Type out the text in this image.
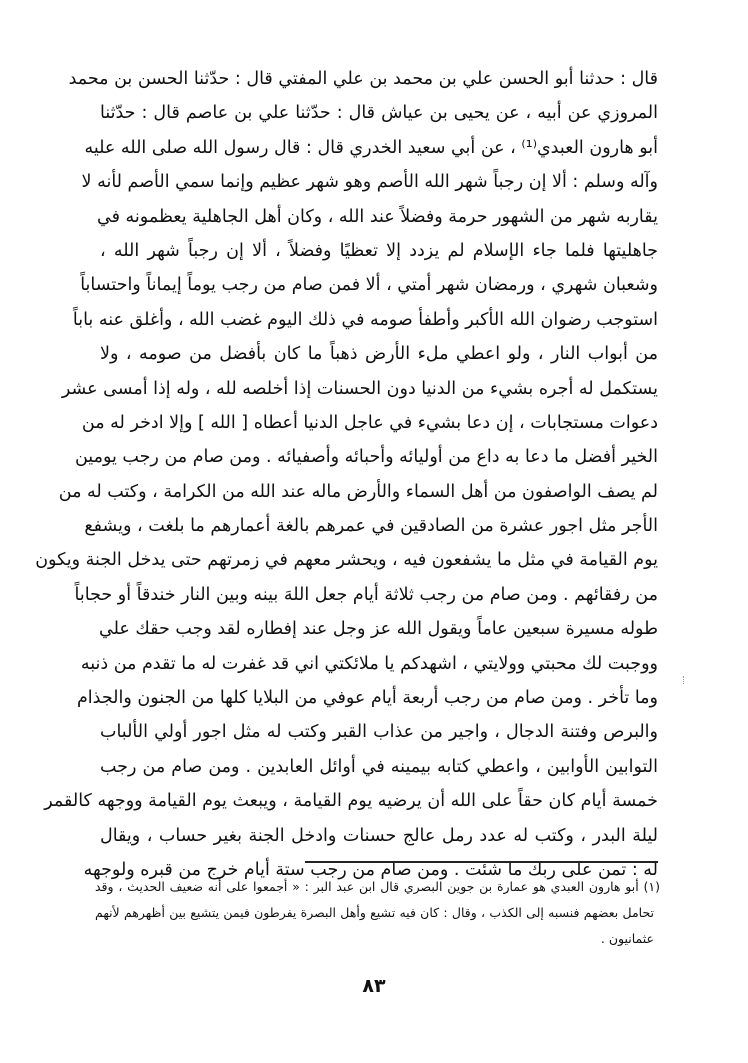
قال : حدثنا أبو الحسن علي بن محمد بن علي المفتي قال : حدّثنا الحسن بن محمد
المروزي عن أبيه ، عن يحيى بن عياش قال : حدّثنا علي بن عاصم قال : حدّثنا
أبو هارون العبدي⁽¹⁾ ، عن أبي سعيد الخدري قال : قال رسول الله صلى الله عليه
وآله وسلم : ألا إن رجباً شهر الله الأصم وهو شهر عظيم وإنما سمي الأصم لأنه لا
يقاربه شهر من الشهور حرمة وفضلاً عند الله ، وكان أهل الجاهلية يعظمونه في
جاهليتها فلما جاء الإسلام لم يزدد إلا تعظيًا وفضلاً ، ألا إن رجباً شهر الله ،
وشعبان شهري ، ورمضان شهر أمتي ، ألا فمن صام من رجب يوماً إيماناً واحتساباً
استوجب رضوان الله الأكبر وأطفأ صومه في ذلك اليوم غضب الله ، وأغلق عنه باباً
من أبواب النار ، ولو اعطي ملء الأرض ذهباً ما كان بأفضل من صومه ، ولا
يستكمل له أجره بشيء من الدنيا دون الحسنات إذا أخلصه لله ، وله إذا أمسى عشر
دعوات مستجابات ، إن دعا بشيء في عاجل الدنيا أعطاه [ الله ] وإلا ادخر له من
الخير أفضل ما دعا به داع من أوليائه وأحبائه وأصفيائه . ومن صام من رجب يومين
لم يصف الواصفون من أهل السماء والأرض ماله عند الله من الكرامة ، وكتب له من
الأجر مثل اجور عشرة من الصادقين في عمرهم بالغة أعمارهم ما بلغت ، ويشفع
يوم القيامة في مثل ما يشفعون فيه ، ويحشر معهم في زمرتهم حتى يدخل الجنة ويكون
من رفقائهم . ومن صام من رجب ثلاثة أيام جعل اللهَ بينه وبين النار خندقاً أو حجاباً
طوله مسيرة سبعين عاماً ويقول الله عز وجل عند إفطاره لقد وجب حقك علي
ووجبت لك محبتي وولايتي ، اشهدكم يا ملائكتي اني قد غفرت له ما تقدم من ذنبه
وما تأخر . ومن صام من رجب أربعة أيام عوفي من البلايا كلها من الجنون والجذام
والبرص وفتنة الدجال ، واجير من عذاب القبر وكتب له مثل اجور أولي الألباب
التوابين الأوابين ، واعطي كتابه بيمينه في أوائل العابدين . ومن صام من رجب
خمسة أيام كان حقاً على الله أن يرضيه يوم القيامة ، ويبعث يوم القيامة ووجهه كالقمر
ليلة البدر ، وكتب له عدد رمل عالج حسنات وادخل الجنة بغير حساب ، ويقال
له : تمن على ربك ما شئت . ومن صام من رجب ستة أيام خرج من قبره ولوجهه
(١) أبو هارون العبدي هو عمارة بن جوين البصري قال ابن عبد البر : « أجمعوا على أنه ضعيف الحديث ، وقد
تحامل بعضهم فنسبه إلى الكذب ، وقال : كان فيه تشيع وأهل البصرة يفرطون فيمن يتشيع بين أظهرهم لأنهم
عثمانيون .
٨٣
